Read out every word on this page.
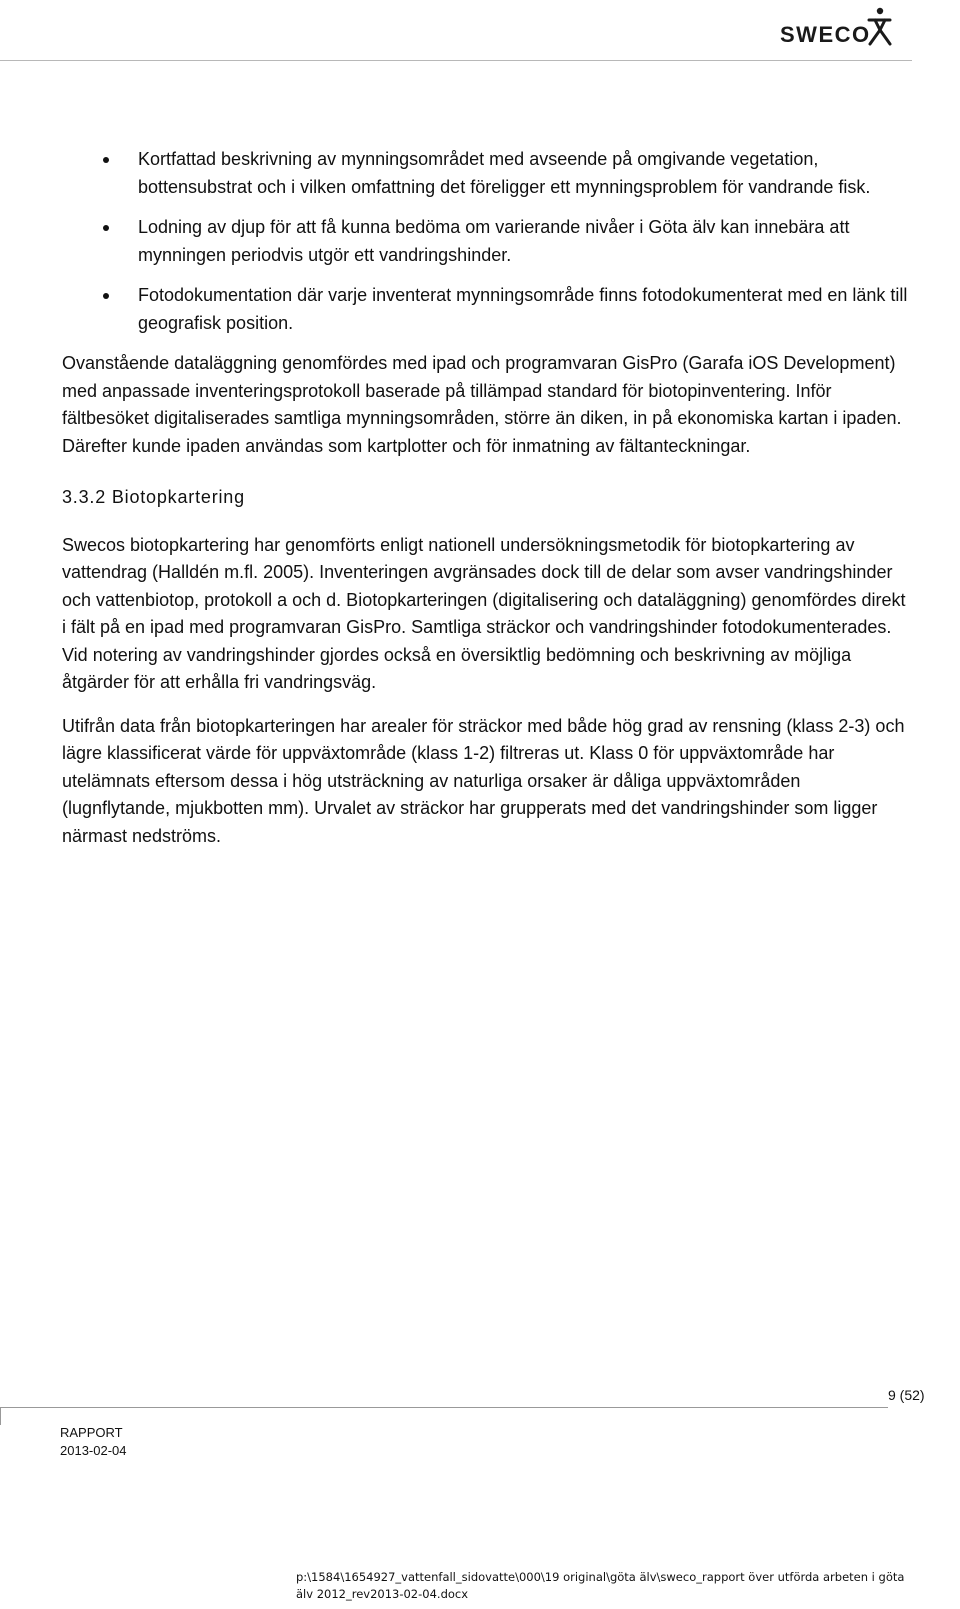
SWECO
Kortfattad beskrivning av mynningsområdet med avseende på omgivande vegetation, bottensubstrat och i vilken omfattning det föreligger ett mynningsproblem för vandrande fisk.
Lodning av djup för att få kunna bedöma om varierande nivåer i Göta älv kan innebära att mynningen periodvis utgör ett vandringshinder.
Fotodokumentation där varje inventerat mynningsområde finns fotodokumenterat med en länk till geografisk position.

Ovanstående dataläggning genomfördes med ipad och programvaran GisPro (Garafa iOS Development) med anpassade inventeringsprotokoll baserade på tillämpad standard för biotopinventering. Inför fältbesöket digitaliserades samtliga mynningsområden, större än diken, in på ekonomiska kartan i ipaden. Därefter kunde ipaden användas som kartplotter och för inmatning av fältanteckningar.

3.3.2 Biotopkartering

Swecos biotopkartering har genomförts enligt nationell undersökningsmetodik för biotopkartering av vattendrag (Halldén m.fl. 2005). Inventeringen avgränsades dock till de delar som avser vandringshinder och vattenbiotop, protokoll a och d. Biotopkarteringen (digitalisering och dataläggning) genomfördes direkt i fält på en ipad med programvaran GisPro. Samtliga sträckor och vandringshinder fotodokumenterades. Vid notering av vandringshinder gjordes också en översiktlig bedömning och beskrivning av möjliga åtgärder för att erhålla fri vandringsväg.

Utifrån data från biotopkarteringen har arealer för sträckor med både hög grad av rensning (klass 2-3) och lägre klassificerat värde för uppväxtområde (klass 1-2) filtreras ut. Klass 0 för uppväxtområde har utelämnats eftersom dessa i hög utsträckning av naturliga orsaker är dåliga uppväxtområden (lugnflytande, mjukbotten mm). Urvalet av sträckor har grupperats med det vandringshinder som ligger närmast nedströms.

9 (52)
RAPPORT
2013-02-04
p:\1584\1654927_vattenfall_sidovatte\000\19 original\göta älv\sweco_rapport över utförda arbeten i göta älv 2012_rev2013-02-04.docx
